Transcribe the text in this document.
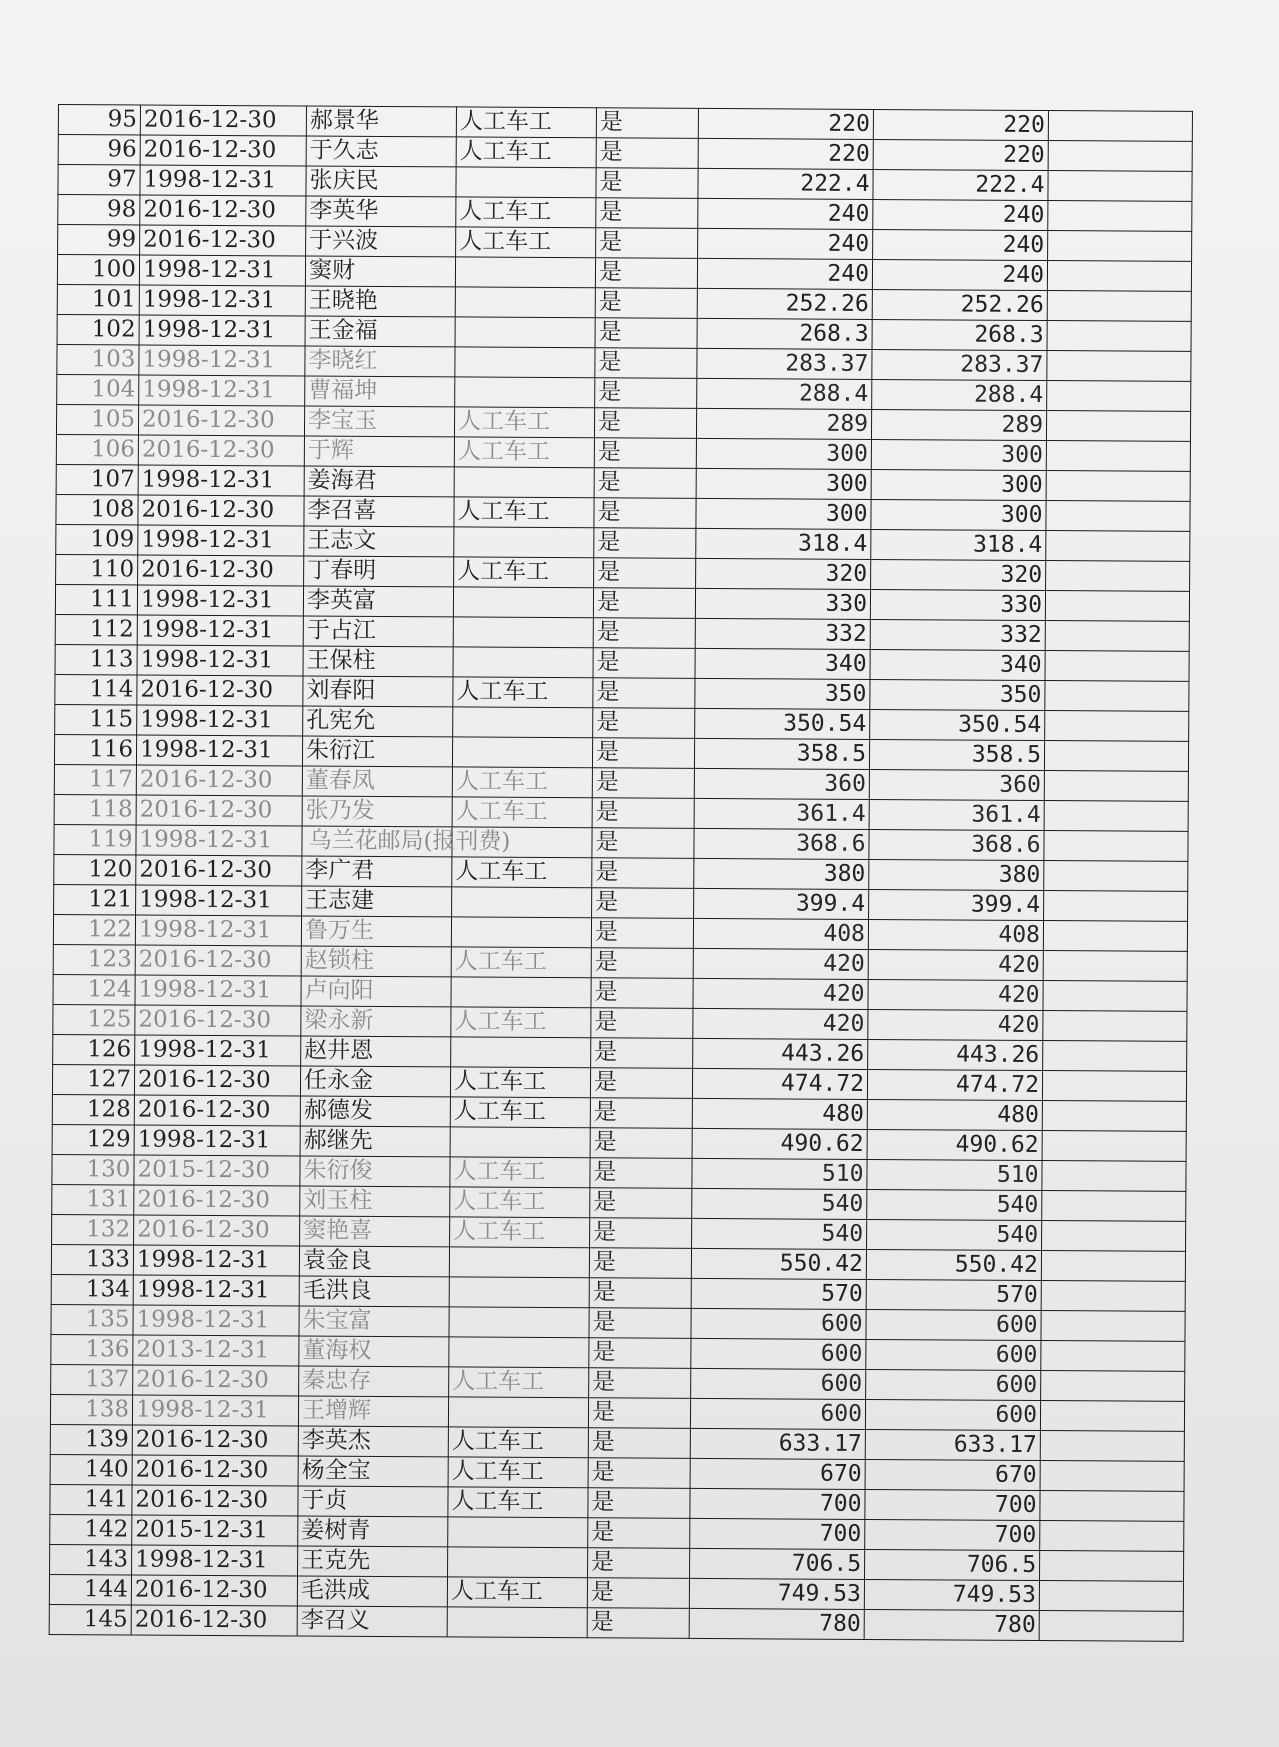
95	2016-12-30	郝景华	人工车工	是	220	220	
96	2016-12-30	于久志	人工车工	是	220	220	
97	1998-12-31	张庆民		是	222.4	222.4	
98	2016-12-30	李英华	人工车工	是	240	240	
99	2016-12-30	于兴波	人工车工	是	240	240	
100	1998-12-31	窦财		是	240	240	
101	1998-12-31	王晓艳		是	252.26	252.26	
102	1998-12-31	王金福		是	268.3	268.3	
103	1998-12-31	李晓红		是	283.37	283.37	
104	1998-12-31	曹福坤		是	288.4	288.4	
105	2016-12-30	李宝玉	人工车工	是	289	289	
106	2016-12-30	于辉	人工车工	是	300	300	
107	1998-12-31	姜海君		是	300	300	
108	2016-12-30	李召喜	人工车工	是	300	300	
109	1998-12-31	王志文		是	318.4	318.4	
110	2016-12-30	丁春明	人工车工	是	320	320	
111	1998-12-31	李英富		是	330	330	
112	1998-12-31	于占江		是	332	332	
113	1998-12-31	王保柱		是	340	340	
114	2016-12-30	刘春阳	人工车工	是	350	350	
115	1998-12-31	孔宪允		是	350.54	350.54	
116	1998-12-31	朱衍江		是	358.5	358.5	
117	2016-12-30	董春凤	人工车工	是	360	360	
118	2016-12-30	张乃发	人工车工	是	361.4	361.4	
119	1998-12-31	乌兰花邮局(报刊费)		是	368.6	368.6	
120	2016-12-30	李广君	人工车工	是	380	380	
121	1998-12-31	王志建		是	399.4	399.4	
122	1998-12-31	鲁万生		是	408	408	
123	2016-12-30	赵锁柱	人工车工	是	420	420	
124	1998-12-31	卢向阳		是	420	420	
125	2016-12-30	梁永新	人工车工	是	420	420	
126	1998-12-31	赵井恩		是	443.26	443.26	
127	2016-12-30	任永金	人工车工	是	474.72	474.72	
128	2016-12-30	郝德发	人工车工	是	480	480	
129	1998-12-31	郝继先		是	490.62	490.62	
130	2015-12-30	朱衍俊	人工车工	是	510	510	
131	2016-12-30	刘玉柱	人工车工	是	540	540	
132	2016-12-30	窦艳喜	人工车工	是	540	540	
133	1998-12-31	袁金良		是	550.42	550.42	
134	1998-12-31	毛洪良		是	570	570	
135	1998-12-31	朱宝富		是	600	600	
136	2013-12-31	董海权		是	600	600	
137	2016-12-30	秦忠存	人工车工	是	600	600	
138	1998-12-31	王增辉		是	600	600	
139	2016-12-30	李英杰	人工车工	是	633.17	633.17	
140	2016-12-30	杨全宝	人工车工	是	670	670	
141	2016-12-30	于贞	人工车工	是	700	700	
142	2015-12-31	姜树青		是	700	700	
143	1998-12-31	王克先		是	706.5	706.5	
144	2016-12-30	毛洪成	人工车工	是	749.53	749.53	
145	2016-12-30	李召义		是	780	780	
